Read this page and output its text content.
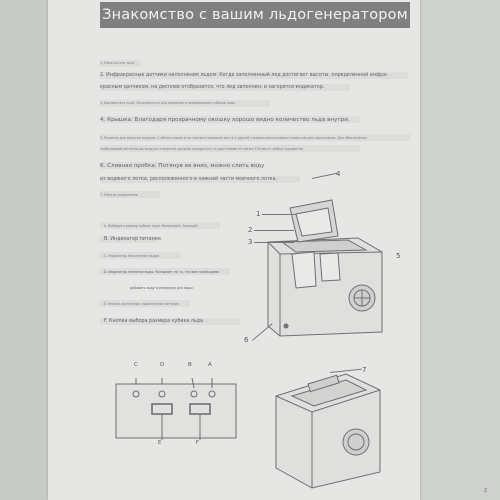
Знакомство с вашим льдогенератором
1. Лопатка для льда
2. Инфракрасные датчики наполнения льдом: Когда заполненный лед достигает высоты, определенной инфра-
красным датчиком, на дисплее отобразится, что лед заполнен, и загорится индикатор.
3. Корзина для льда: Используется для хранения и перемещения кубиков льда
4. Крышка: Благодаря прозрачному окошку хорошо видно количество льда внутри.
5. Решетка для выпуска воздуха: С обеих сторон и на соответствующем месте с другой стороны расположены отверстия для циркуляции. Для обеспечения
необходимой вентиляции воздуха отверстия должны находиться на расстоянии не менее 150 мм от любых предметов.
6. Сливная пробка: Потянув ее вниз, можно слить воду
из водяного лотка, расположенного в нижней части моечного лотка.
7. Панель управления:
A. Выберите размер кубика льда: Маленький, Большой
B. Индикатор питания
C. Индикатор заполнения льдом
D. Индикатор нехватки воды: Указывает на то, что вам необходимо
добавить воду в резервуар для воды
E. Кнопка включения / выключения питания
F. Кнопка выбора размера кубика льда
1
2
3
4
5
6
C	D	B	A
E	F
7
2
